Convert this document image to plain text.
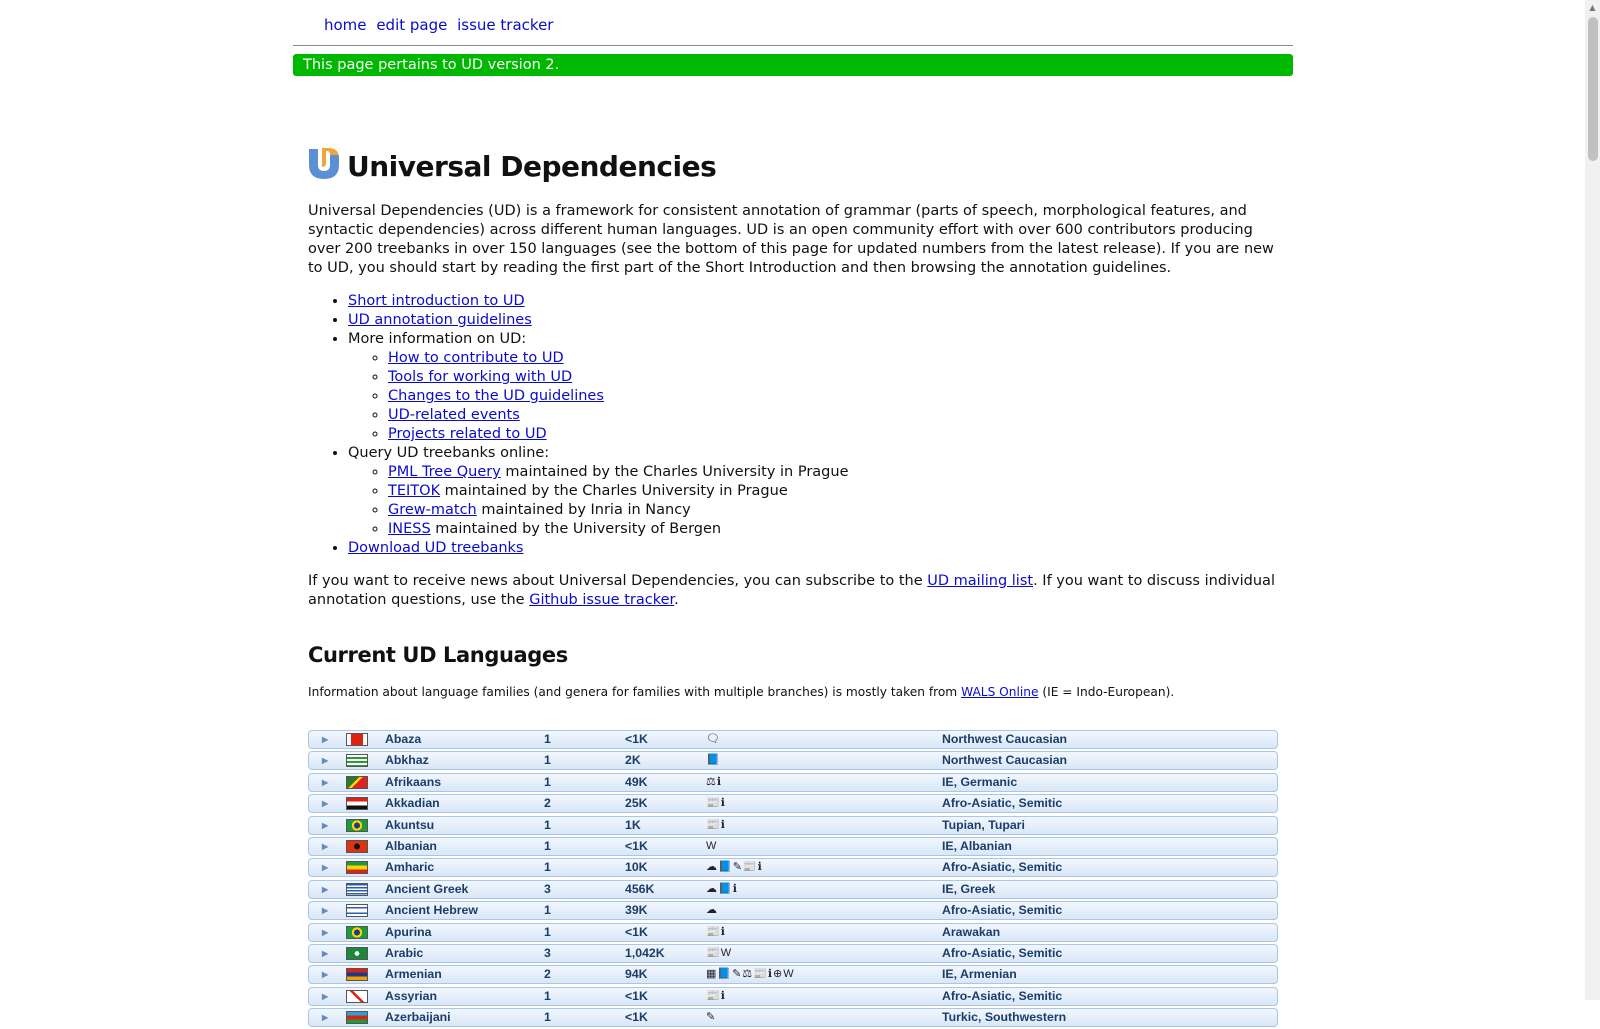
home edit page issue tracker
This page pertains to UD version 2.
Universal Dependencies

Universal Dependencies (UD) is a framework for consistent annotation of grammar (parts of speech, morphological features, and syntactic dependencies) across different human languages. UD is an open community effort with over 600 contributors producing over 200 treebanks in over 150 languages (see the bottom of this page for updated numbers from the latest release). If you are new to UD, you should start by reading the first part of the Short Introduction and then browsing the annotation guidelines.

• Short introduction to UD
• UD annotation guidelines
• More information on UD:
◦ How to contribute to UD
◦ Tools for working with UD
◦ Changes to the UD guidelines
◦ UD-related events
◦ Projects related to UD
• Query UD treebanks online:
◦ PML Tree Query maintained by the Charles University in Prague
◦ TEITOK maintained by the Charles University in Prague
◦ Grew-match maintained by Inria in Nancy
◦ INESS maintained by the University of Bergen
• Download UD treebanks

If you want to receive news about Universal Dependencies, you can subscribe to the UD mailing list. If you want to discuss individual annotation questions, use the Github issue tracker.

Current UD Languages

Information about language families (and genera for families with multiple branches) is mostly taken from WALS Online (IE = Indo-European).

▶	Abaza	1	<1K	🗨	Northwest Caucasian
▶	Abkhaz	1	2K	📘	Northwest Caucasian
▶	Afrikaans	1	49K	⚖ℹ	IE, Germanic
▶	Akkadian	2	25K	📰ℹ	Afro-Asiatic, Semitic
▶	Akuntsu	1	1K	📰ℹ	Tupian, Tupari
▶	Albanian	1	<1K	W	IE, Albanian
▶	Amharic	1	10K	☁📘✎📰ℹ	Afro-Asiatic, Semitic
▶	Ancient Greek	3	456K	☁📘ℹ	IE, Greek
▶	Ancient Hebrew	1	39K	☁	Afro-Asiatic, Semitic
▶	Apurina	1	<1K	📰ℹ	Arawakan
▶	Arabic	3	1,042K	📰W	Afro-Asiatic, Semitic
▶	Armenian	2	94K	▦📘✎⚖📰ℹ⊕W	IE, Armenian
▶	Assyrian	1	<1K	📰ℹ	Afro-Asiatic, Semitic
▶	Azerbaijani	1	<1K	✎	Turkic, Southwestern
▲
